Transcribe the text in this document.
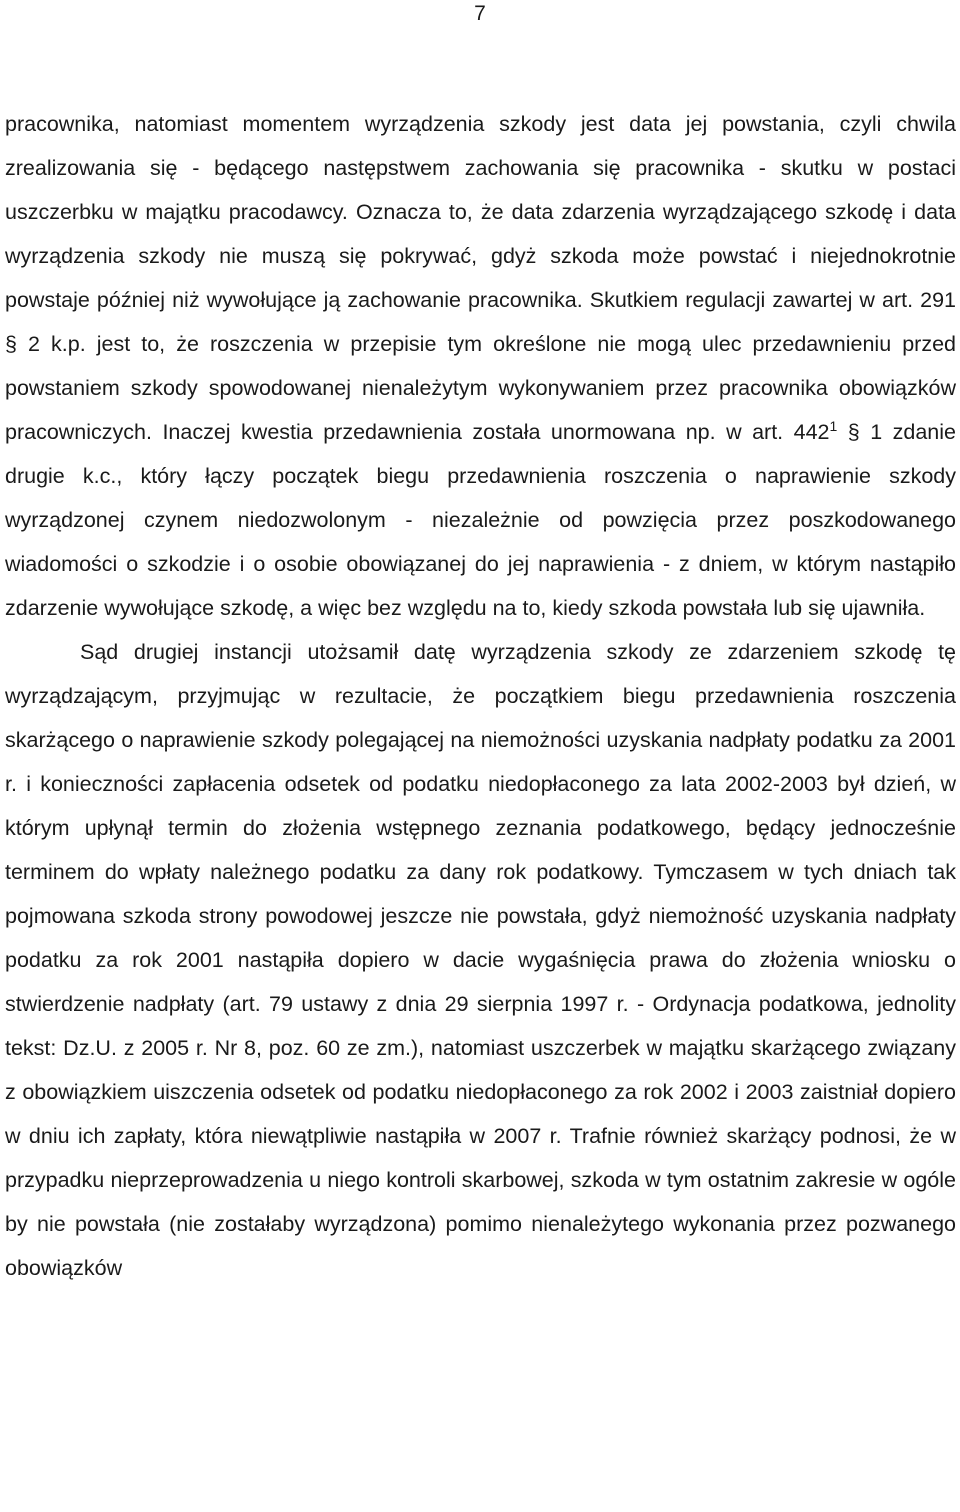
7

pracownika, natomiast momentem wyrządzenia szkody jest data jej powstania, czyli chwila zrealizowania się - będącego następstwem zachowania się pracownika - skutku w postaci uszczerbku w majątku pracodawcy. Oznacza to, że data zdarzenia wyrządzającego szkodę i data wyrządzenia szkody nie muszą się pokrywać, gdyż szkoda może powstać i niejednokrotnie powstaje później niż wywołujące ją zachowanie pracownika. Skutkiem regulacji zawartej w art. 291 § 2 k.p. jest to, że roszczenia w przepisie tym określone nie mogą ulec przedawnieniu przed powstaniem szkody spowodowanej nienależytym wykonywaniem przez pracownika obowiązków pracowniczych. Inaczej kwestia przedawnienia została unormowana np. w art. $442^1$ § 1 zdanie drugie k.c., który łączy początek biegu przedawnienia roszczenia o naprawienie szkody wyrządzonej czynem niedozwolonym - niezależnie od powzięcia przez poszkodowanego wiadomości o szkodzie i o osobie obowiązanej do jej naprawienia - z dniem, w którym nastąpiło zdarzenie wywołujące szkodę, a więc bez względu na to, kiedy szkoda powstała lub się ujawniła.

Sąd drugiej instancji utożsamił datę wyrządzenia szkody ze zdarzeniem szkodę tę wyrządzającym, przyjmując w rezultacie, że początkiem biegu przedawnienia roszczenia skarżącego o naprawienie szkody polegającej na niemożności uzyskania nadpłaty podatku za 2001 r. i konieczności zapłacenia odsetek od podatku niedopłaconego za lata 2002-2003 był dzień, w którym upłynął termin do złożenia wstępnego zeznania podatkowego, będący jednocześnie terminem do wpłaty należnego podatku za dany rok podatkowy. Tymczasem w tych dniach tak pojmowana szkoda strony powodowej jeszcze nie powstała, gdyż niemożność uzyskania nadpłaty podatku za rok 2001 nastąpiła dopiero w dacie wygaśnięcia prawa do złożenia wniosku o stwierdzenie nadpłaty (art. 79 ustawy z dnia 29 sierpnia 1997 r. - Ordynacja podatkowa, jednolity tekst: Dz.U. z 2005 r. Nr 8, poz. 60 ze zm.), natomiast uszczerbek w majątku skarżącego związany z obowiązkiem uiszczenia odsetek od podatku niedopłaconego za rok 2002 i 2003 zaistniał dopiero w dniu ich zapłaty, która niewątpliwie nastąpiła w 2007 r. Trafnie również skarżący podnosi, że w przypadku nieprzeprowadzenia u niego kontroli skarbowej, szkoda w tym ostatnim zakresie w ogóle by nie powstała (nie zostałaby wyrządzona) pomimo nienależytego wykonania przez pozwanego obowiązków
